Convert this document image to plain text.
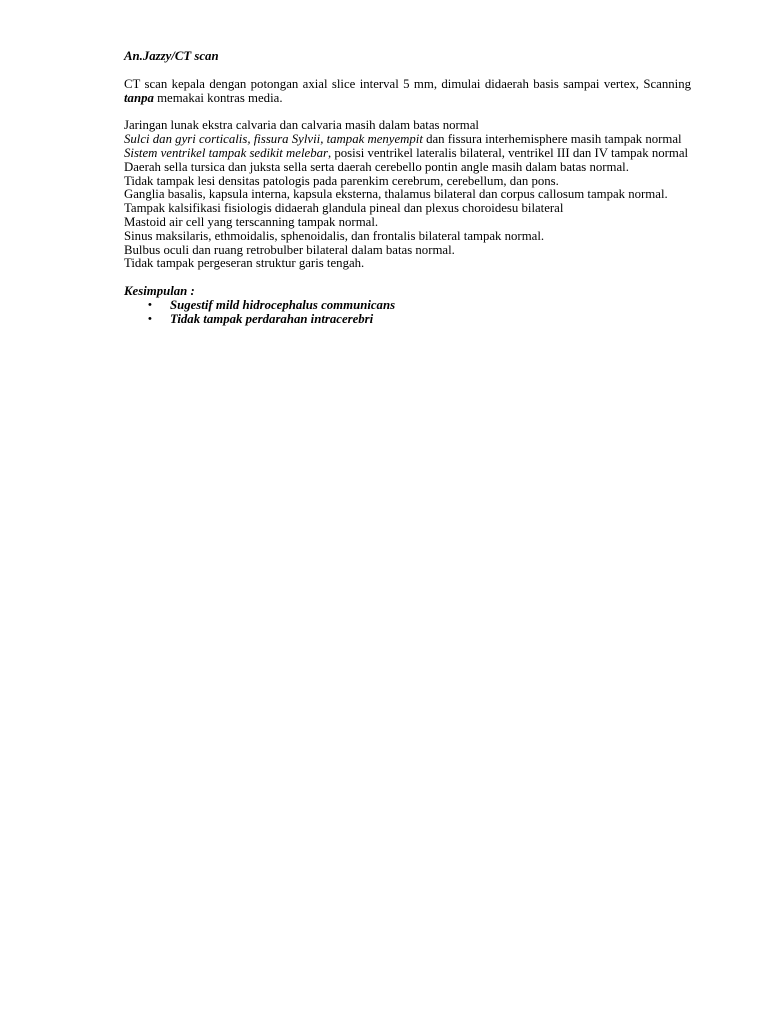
An.Jazzy/CT scan

CT scan kepala dengan potongan axial slice interval 5 mm, dimulai didaerah basis sampai vertex, Scanning tanpa memakai kontras media.

Jaringan lunak ekstra calvaria dan calvaria masih dalam batas normal

Sulci dan gyri corticalis, fissura Sylvii, tampak menyempit dan fissura interhemisphere masih tampak normal

Sistem ventrikel tampak sedikit melebar, posisi ventrikel lateralis bilateral, ventrikel III dan IV tampak normal

Daerah sella tursica dan juksta sella serta daerah cerebello pontin angle masih dalam batas normal.

Tidak tampak lesi densitas patologis pada parenkim cerebrum, cerebellum, dan pons.

Ganglia basalis, kapsula interna, kapsula eksterna, thalamus bilateral dan corpus callosum tampak normal.

Tampak kalsifikasi fisiologis didaerah glandula pineal dan plexus choroidesu bilateral

Mastoid air cell yang terscanning tampak normal.

Sinus maksilaris, ethmoidalis, sphenoidalis, dan frontalis bilateral tampak normal.

Bulbus oculi dan ruang retrobulber bilateral dalam batas normal.

Tidak tampak pergeseran struktur garis tengah.

Kesimpulan :

• Sugestif mild hidrocephalus communicans
• Tidak tampak perdarahan intracerebri
